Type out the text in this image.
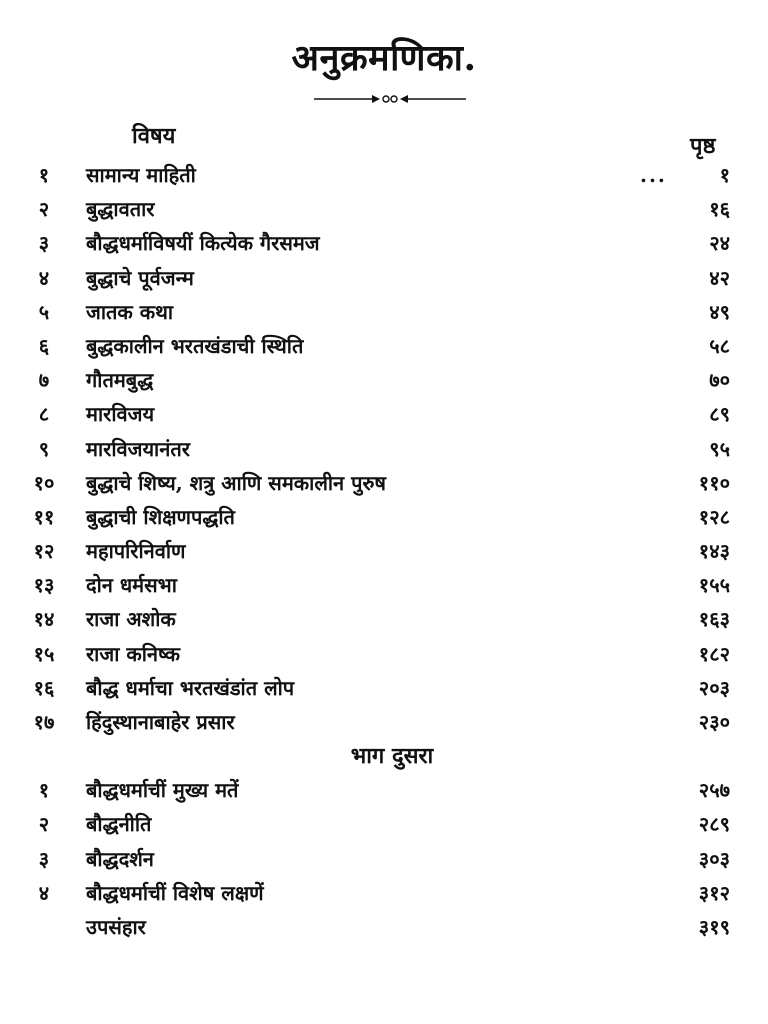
अनुक्रमणिका.
विषय	पृष्ठ
१	सामान्य माहिती	...	१
२	बुद्धावतार	१६
३	बौद्धधर्माविषयीं कित्येक गैरसमज	२४
४	बुद्धाचे पूर्वजन्म	४२
५	जातक कथा	४९
६	बुद्धकालीन भरतखंडाची स्थिति	५८
७	गौतमबुद्ध	७०
८	मारविजय	८९
९	मारविजयानंतर	९५
१०	बुद्धाचे शिष्य, शत्रु आणि समकालीन पुरुष	११०
११	बुद्धाची शिक्षणपद्धति	१२८
१२	महापरिनिर्वाण	१४३
१३	दोन धर्मसभा	१५५
१४	राजा अशोक	१६३
१५	राजा कनिष्क	१८२
१६	बौद्ध धर्माचा भरतखंडांत लोप	२०३
१७	हिंदुस्थानाबाहेर प्रसार	२३०
भाग दुसरा
१	बौद्धधर्माचीं मुख्य मतें	२५७
२	बौद्धनीति	२८९
३	बौद्धदर्शन	३०३
४	बौद्धधर्माचीं विशेष लक्षणें	३१२
उपसंहार	३१९
